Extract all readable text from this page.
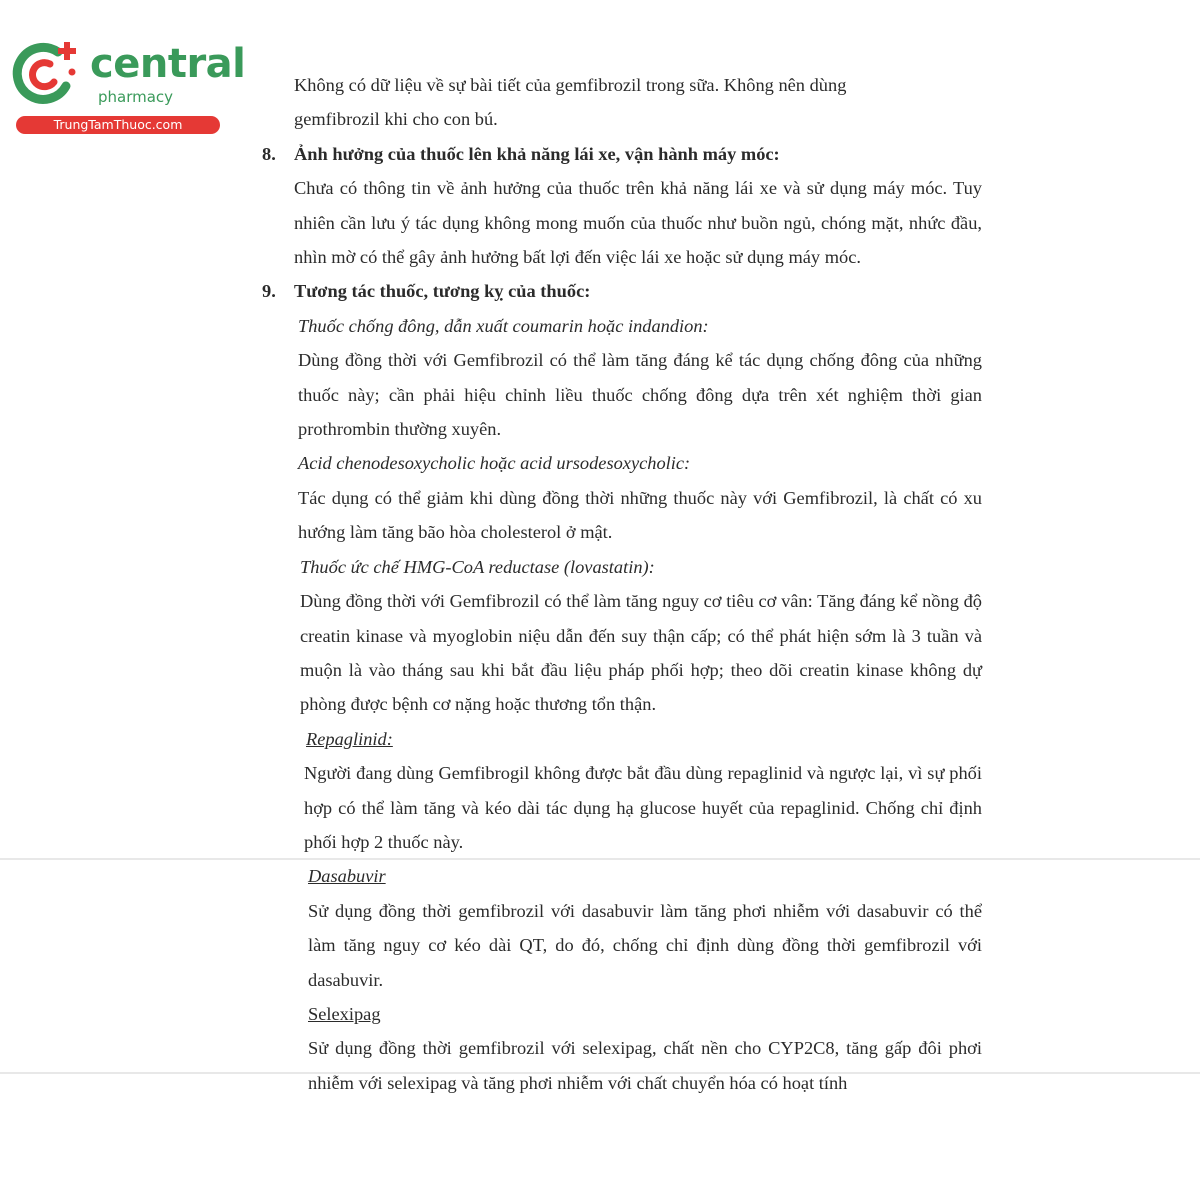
central
pharmacy
TrungTamThuoc.com

Không có dữ liệu về sự bài tiết của gemfibrozil trong sữa. Không nên dùng

gemfibrozil khi cho con bú.

8. Ảnh hưởng của thuốc lên khả năng lái xe, vận hành máy móc:

Chưa có thông tin về ảnh hưởng của thuốc trên khả năng lái xe và sử dụng máy móc. Tuy nhiên cần lưu ý tác dụng không mong muốn của thuốc như buồn ngủ, chóng mặt, nhức đầu, nhìn mờ có thể gây ảnh hưởng bất lợi đến việc lái xe hoặc sử dụng máy móc.

9. Tương tác thuốc, tương kỵ của thuốc:

Thuốc chống đông, dẫn xuất coumarin hoặc indandion:

Dùng đồng thời với Gemfibrozil có thể làm tăng đáng kể tác dụng chống đông của những thuốc này; cần phải hiệu chỉnh liều thuốc chống đông dựa trên xét nghiệm thời gian prothrombin thường xuyên.

Acid chenodesoxycholic hoặc acid ursodesoxycholic:

Tác dụng có thể giảm khi dùng đồng thời những thuốc này với Gemfibrozil, là chất có xu hướng làm tăng bão hòa cholesterol ở mật.

Thuốc ức chế HMG-CoA reductase (lovastatin):

Dùng đồng thời với Gemfibrozil có thể làm tăng nguy cơ tiêu cơ vân: Tăng đáng kể nồng độ creatin kinase và myoglobin niệu dẫn đến suy thận cấp; có thể phát hiện sớm là 3 tuần và muộn là vào tháng sau khi bắt đầu liệu pháp phối hợp; theo dõi creatin kinase không dự phòng được bệnh cơ nặng hoặc thương tổn thận.

Repaglinid:

Người đang dùng Gemfibrogil không được bắt đầu dùng repaglinid và ngược lại, vì sự phối hợp có thể làm tăng và kéo dài tác dụng hạ glucose huyết của repaglinid. Chống chỉ định phối hợp 2 thuốc này.

Dasabuvir

Sử dụng đồng thời gemfibrozil với dasabuvir làm tăng phơi nhiễm với dasabuvir có thể làm tăng nguy cơ kéo dài QT, do đó, chống chỉ định dùng đồng thời gemfibrozil với dasabuvir.

Selexipag

Sử dụng đồng thời gemfibrozil với selexipag, chất nền cho CYP2C8, tăng gấp đôi phơi nhiễm với selexipag và tăng phơi nhiễm với chất chuyển hóa có hoạt tính
